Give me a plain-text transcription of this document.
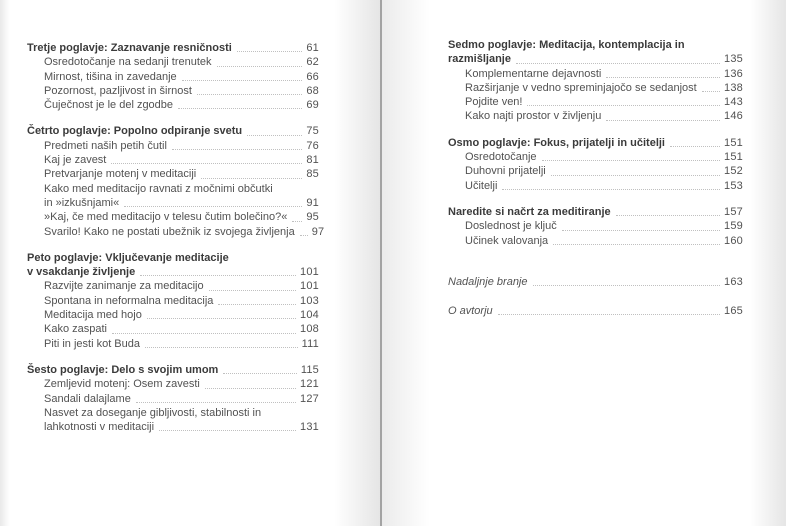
Tretje poglavje: Zaznavanje resničnosti	61
Osredotočanje na sedanji trenutek	62
Mirnost, tišina in zavedanje	66
Pozornost, pazljivost in širnost	68
Čuječnost je le del zgodbe	69
Četrto poglavje: Popolno odpiranje svetu	75
Predmeti naših petih čutil	76
Kaj je zavest	81
Pretvarjanje motenj v meditaciji	85
Kako med meditacijo ravnati z močnimi občutki
in »izkušnjami«	91
»Kaj, če med meditacijo v telesu čutim bolečino?« 95
Svarilo! Kako ne postati ubežnik iz svojega življenja 97
Peto poglavje: Vključevanje meditacije
v vsakdanje življenje	101
Razvijte zanimanje za meditacijo	101
Spontana in neformalna meditacija	103
Meditacija med hojo	104
Kako zaspati	108
Piti in jesti kot Buda	111
Šesto poglavje: Delo s svojim umom	115
Zemljevid motenj: Osem zavesti	121
Sandali dalajlame	127
Nasvet za doseganje gibljivosti, stabilnosti in
lahkotnosti v meditaciji	131
Sedmo poglavje: Meditacija, kontemplacija in
razmišljanje	135
Komplementarne dejavnosti	136
Razširjanje v vedno spreminjajočo se sedanjost 138
Pojdite ven!	143
Kako najti prostor v življenju	146
Osmo poglavje: Fokus, prijatelji in učitelji	151
Osredotočanje	151
Duhovni prijatelji	152
Učitelji	153
Naredite si načrt za meditiranje	157
Doslednost je ključ	159
Učinek valovanja	160
Nadaljnje branje	163
O avtorju	165
